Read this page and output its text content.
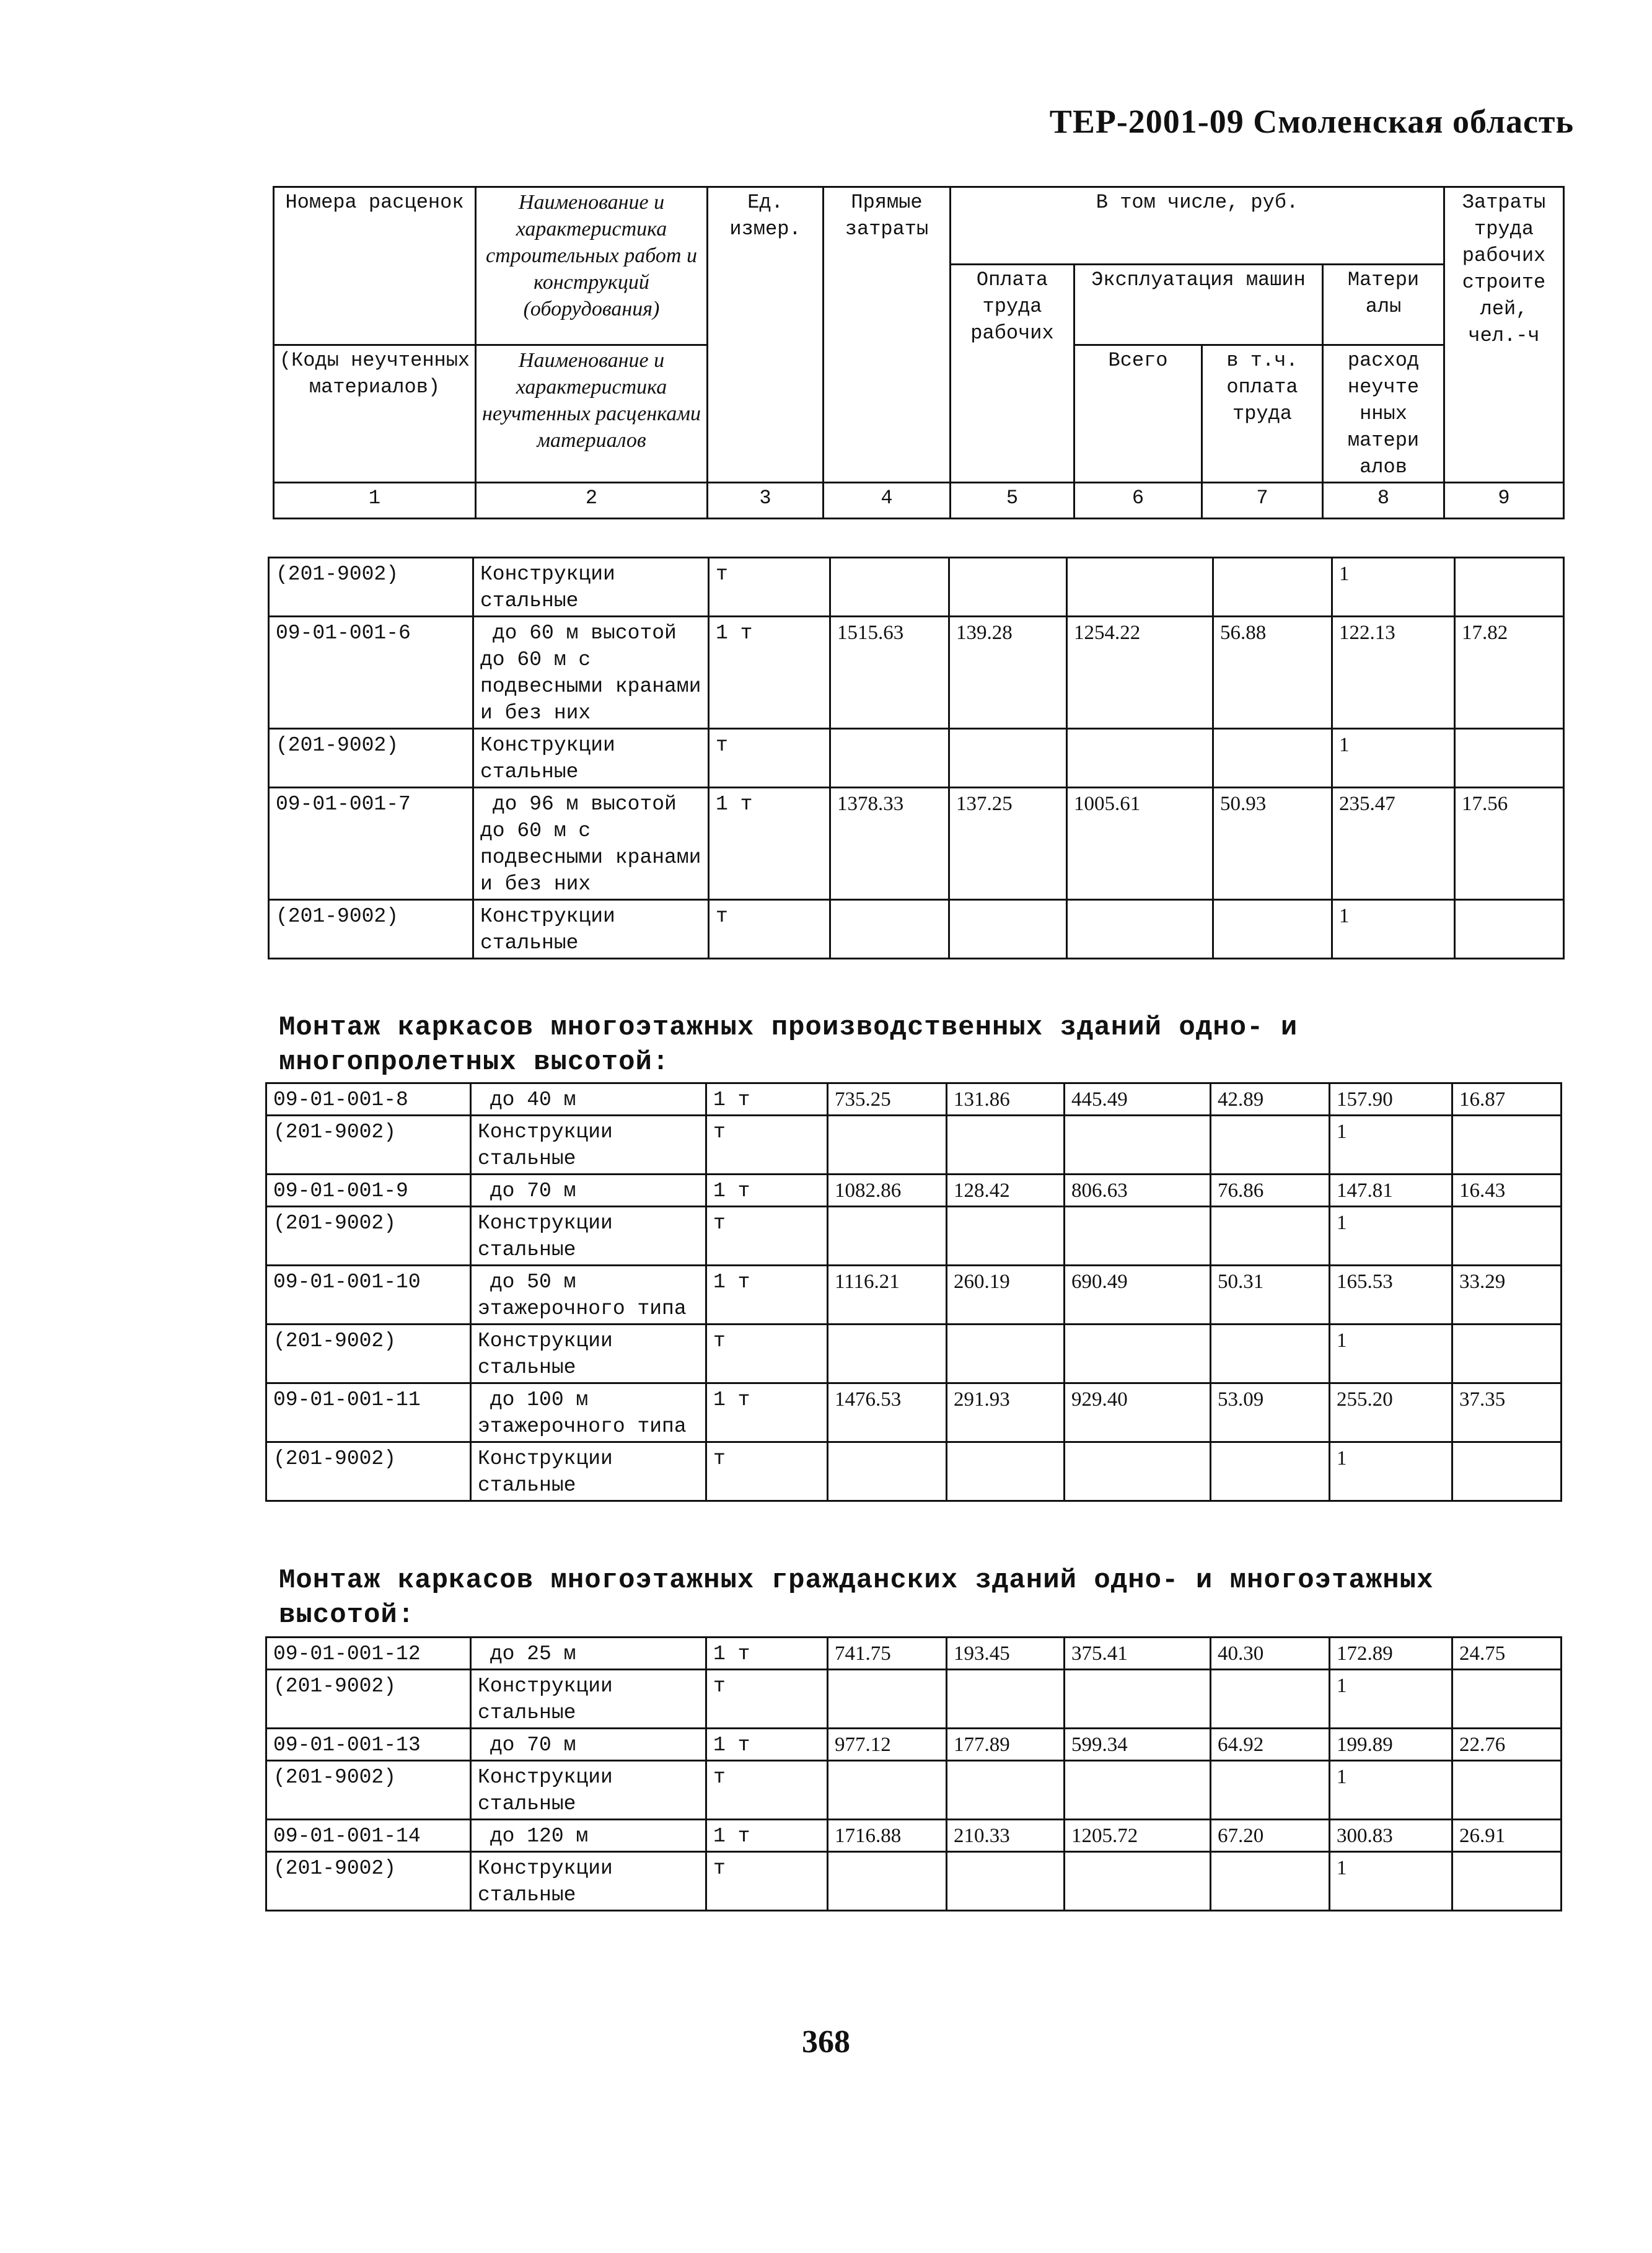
ТЕР-2001-09 Смоленская область
Номера расценок	Наименование и характеристика строительных работ и конструкций (оборудования)	Ед. измер.	Прямые затраты	В том числе, руб.				Затраты труда рабочих строите лей, чел.-ч
				Оплата труда рабочих	Эксплуатация машин		Матери алы	
(Коды неучтенных материалов)	Наименование и характеристика неучтенных расценками материалов				Всего	в т.ч. оплата труда	расход неучте нных матери алов	

1	2	3	4	5	6	7	8	9
(201-9002)	Конструкции стальные	т					1	
09-01-001-6	до 60 м высотой до 60 м с подвесными кранами и без них	1 т	1515.63	139.28	1254.22	56.88	122.13	17.82
(201-9002)	Конструкции стальные	т					1	
09-01-001-7	до 96 м высотой до 60 м с подвесными кранами и без них	1 т	1378.33	137.25	1005.61	50.93	235.47	17.56
(201-9002)	Конструкции стальные	т					1	
Монтаж каркасов многоэтажных производственных зданий одно- и многопролетных высотой:
09-01-001-8	до 40 м	1 т	735.25	131.86	445.49	42.89	157.90	16.87
(201-9002)	Конструкции стальные	т					1	
09-01-001-9	до 70 м	1 т	1082.86	128.42	806.63	76.86	147.81	16.43
(201-9002)	Конструкции стальные	т					1	
09-01-001-10	до 50 м этажерочного типа	1 т	1116.21	260.19	690.49	50.31	165.53	33.29
(201-9002)	Конструкции стальные	т					1	
09-01-001-11	до 100 м этажерочного типа	1 т	1476.53	291.93	929.40	53.09	255.20	37.35
(201-9002)	Конструкции стальные	т					1	
Монтаж каркасов многоэтажных гражданских зданий одно- и многоэтажных высотой:
09-01-001-12	до 25 м	1 т	741.75	193.45	375.41	40.30	172.89	24.75
(201-9002)	Конструкции стальные	т					1	
09-01-001-13	до 70 м	1 т	977.12	177.89	599.34	64.92	199.89	22.76
(201-9002)	Конструкции стальные	т					1	
09-01-001-14	до 120 м	1 т	1716.88	210.33	1205.72	67.20	300.83	26.91
(201-9002)	Конструкции стальные	т					1	
368
